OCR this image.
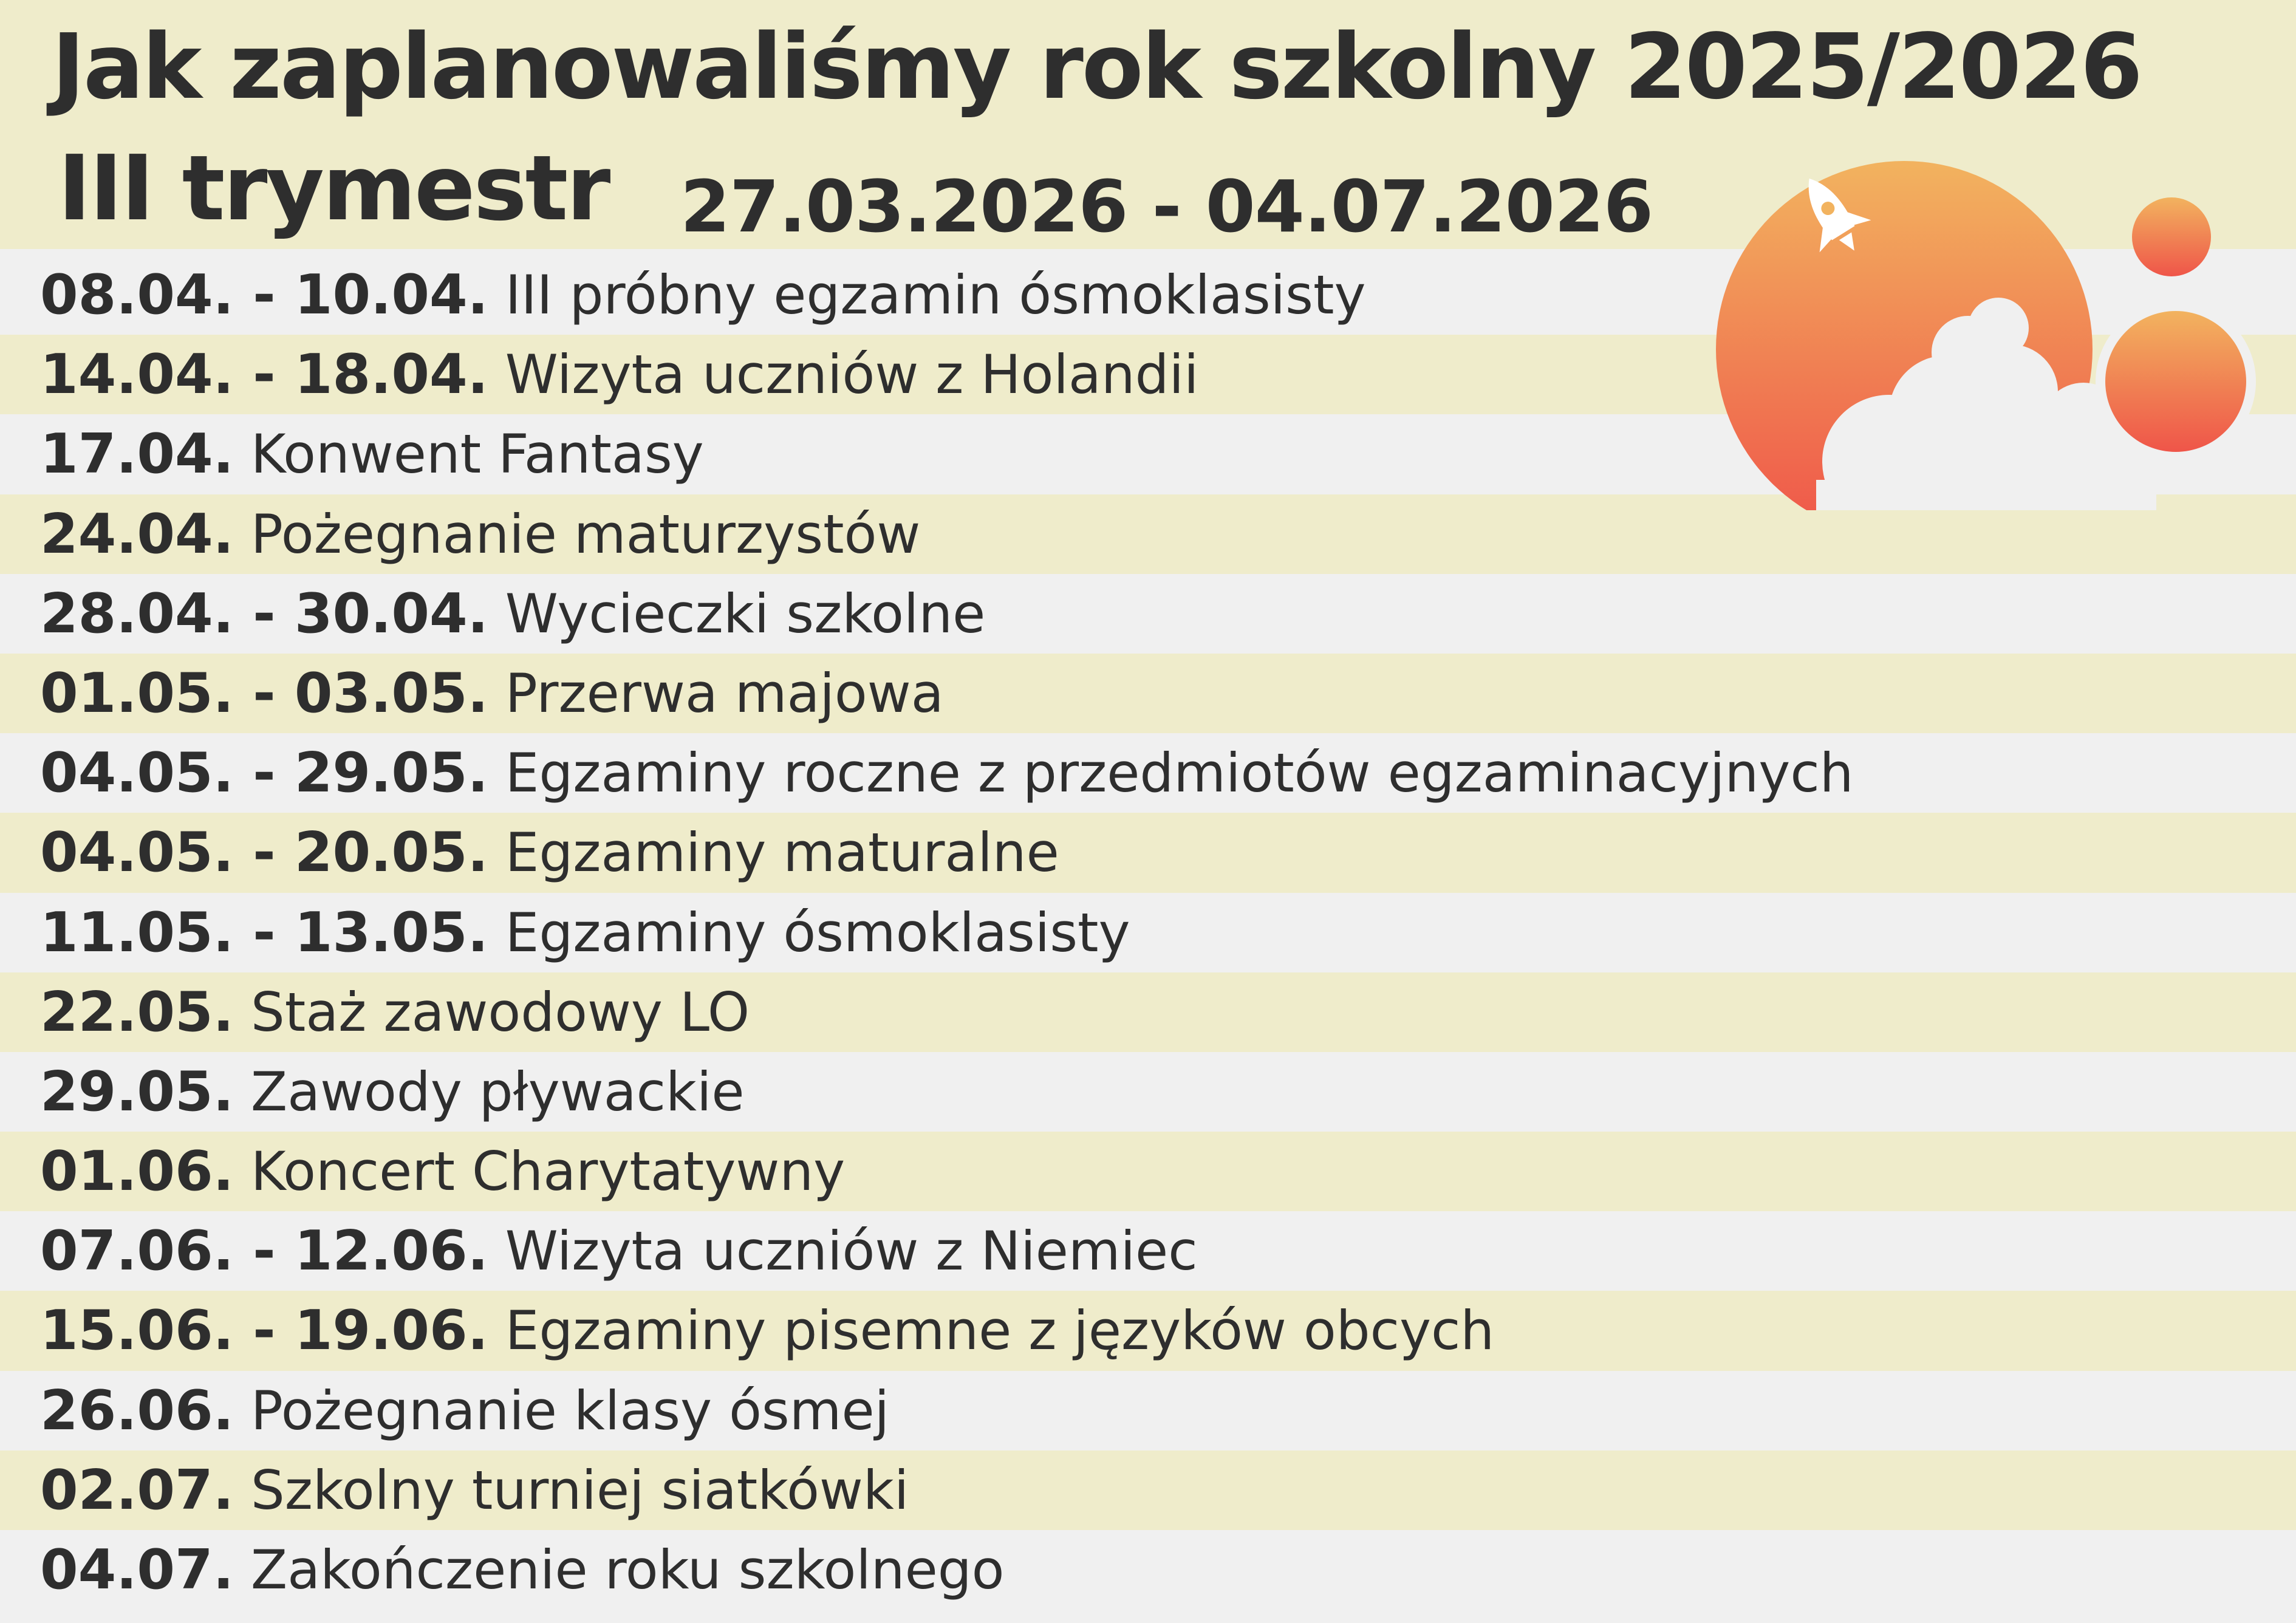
08.04. - 10.04. III próbny egzamin ósmoklasisty
14.04. - 18.04. Wizyta uczniów z Holandii
17.04. Konwent Fantasy
24.04. Pożegnanie maturzystów
28.04. - 30.04. Wycieczki szkolne
01.05. - 03.05. Przerwa majowa
04.05. - 29.05. Egzaminy roczne z przedmiotów egzaminacyjnych
04.05. - 20.05. Egzaminy maturalne
11.05. - 13.05. Egzaminy ósmoklasisty
22.05. Staż zawodowy LO
29.05. Zawody pływackie
01.06. Koncert Charytatywny
07.06. - 12.06. Wizyta uczniów z Niemiec
15.06. - 19.06. Egzaminy pisemne z języków obcych
26.06. Pożegnanie klasy ósmej
02.07. Szkolny turniej siatkówki
04.07. Zakończenie roku szkolnego
Jak zaplanowaliśmy rok szkolny 2025/2026
III trymestr 27.03.2026 - 04.07.2026
